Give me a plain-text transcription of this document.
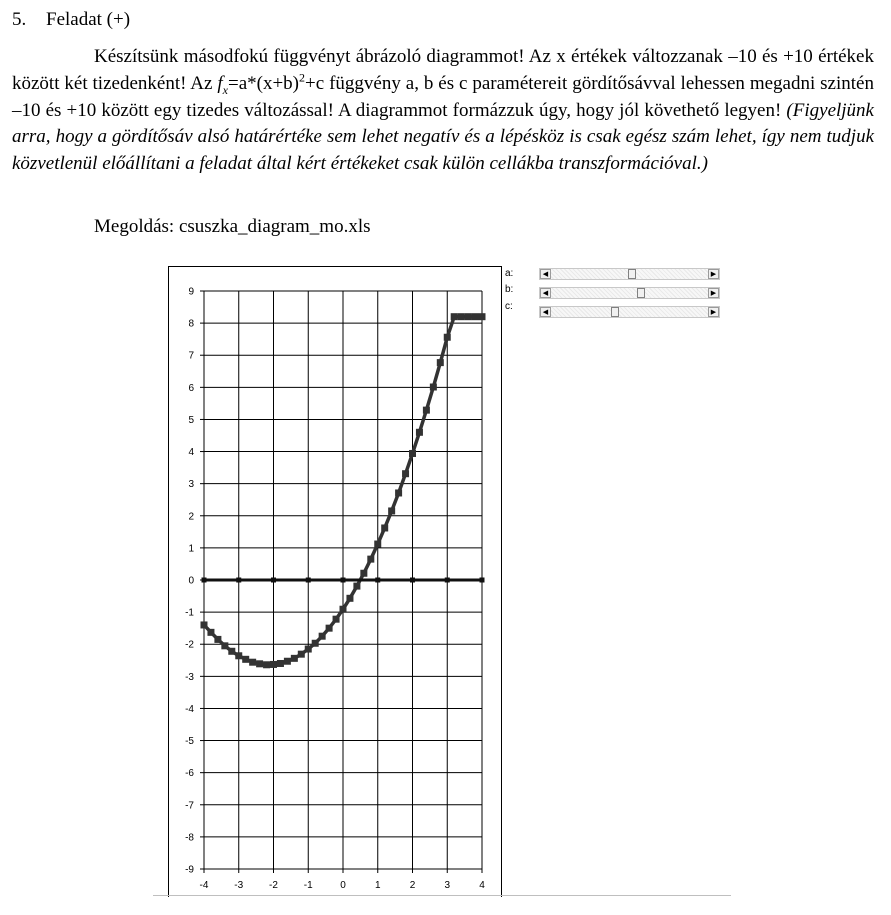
5. Feladat (+)
Készítsünk másodfokú függvényt ábrázoló diagrammot! Az x értékek változzanak –10 és +10 értékek között két tizedenként! Az $f_x=a*(x+b)^2+c$ függvény a, b és c paramétereit gördítősávval lehessen megadni szintén –10 és +10 között egy tizedes változással! A diagrammot formázzuk úgy, hogy jól követhető legyen! (Figyeljünk arra, hogy a gördítősáv alsó határértéke sem lehet negatív és a lépésköz is csak egész szám lehet, így nem tudjuk közvetlenül előállítani a feladat által kért értékeket csak külön cellákba transzformációval.)
Megoldás: csuszka_diagram_mo.xls
9
8
7
6
5
4
3
2
1
0
-1
-2
-3
-4
-5
-6
-7
-8
-9
-4	-3	-2	-1	0	1	2	3	4
a:
b:
c:
◀	▶
◀	▶
◀	▶
